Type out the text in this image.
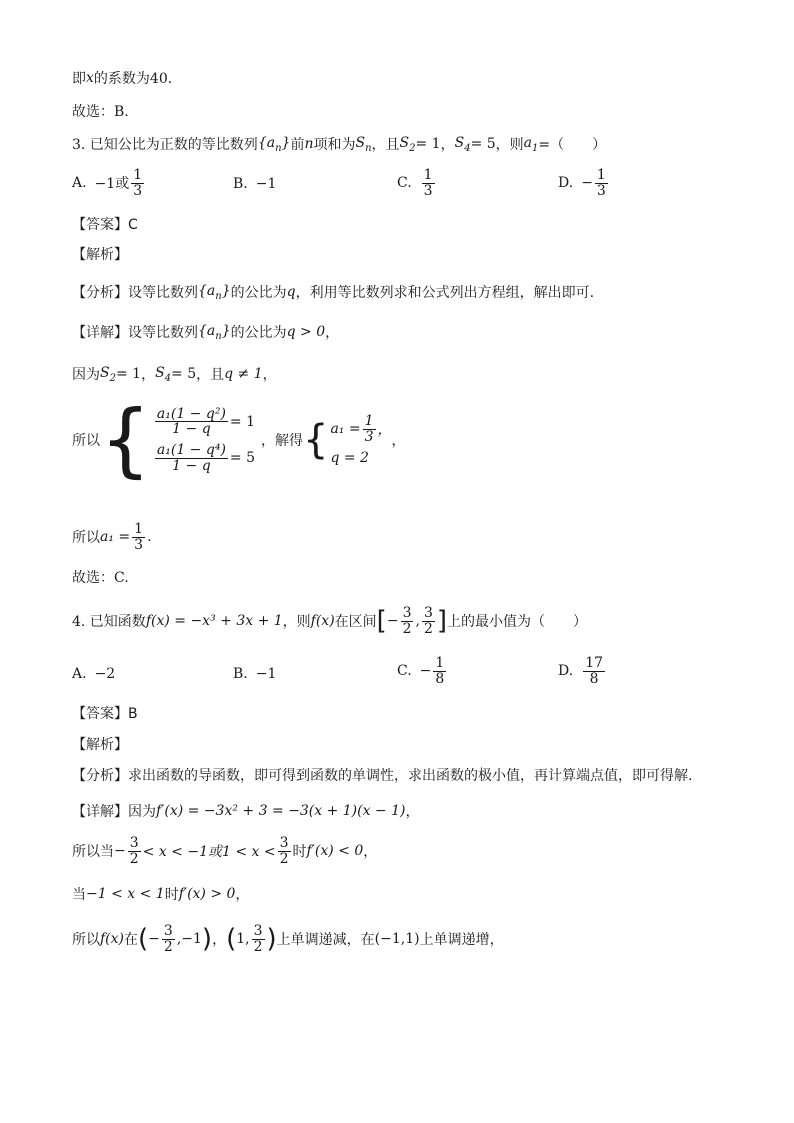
即 x 的系数为40．
故选：B.
3. 已知公比为正数的等比数列 $\{a_n\}$ 前 n 项和为 $S_n$ ，且 $S_2 = 1$ ， $S_4 = 5$ ，则 $a_1$ =（　　）
A. −1或 $\frac{1}{3}$	B. −1	C. $\frac{1}{3}$	D. − $\frac{1}{3}$
【答案】C
【解析】
【分析】设等比数列 $\{a_n\}$ 的公比为 q ，利用等比数列求和公式列出方程组，解出即可.
【详解】设等比数列 $\{a_n\}$ 的公比为 q > 0 ，
因为 $S_2 = 1$ ， $S_4 = 5$ ，且 q ≠ 1 ，
所以 { $\frac{\text{a₁(1 − q²)}}{1 - q} = 1$
$\frac{\text{a₁(1 − q⁴)}}{1 - q} = 5$
，解得 { $a_1 = \frac{1}{3}$ ，
q = 2
，
所以 $a_1 = \frac{1}{3}$ .
故选：C.
4. 已知函数 f(x) = −x³ + 3x + 1 ，则 f(x) 在区间 [ − $\frac{3}{2}$ , $\frac{3}{2}$ ] 上的最小值为（　　）
A. −2	B. −1	C. − $\frac{1}{8}$	D. $\frac{17}{8}$
【答案】B
【解析】
【分析】求出函数的导函数，即可得到函数的单调性，求出函数的极小值，再计算端点值，即可得解.
【详解】因为 f′(x) = −3x² + 3 = −3(x + 1)(x − 1) ，
所以当 − $\frac{3}{2} < x < -1$或$1 < x < \frac{3}{2}$ 时 f′(x) < 0 ，
当 −1 < x < 1 时 f′(x) > 0 ，
所以 f(x) 在 ( − $\frac{3}{2} ,-1$ ) ， ( 1, $\frac{3}{2}$ ) 上单调递减，在 (−1,1) 上单调递增，
